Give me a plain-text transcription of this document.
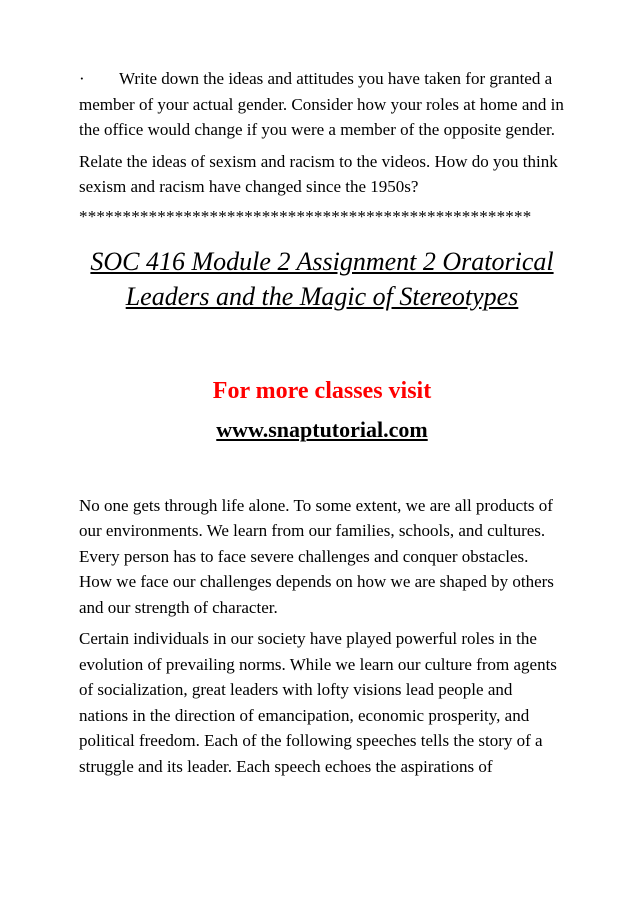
· Write down the ideas and attitudes you have taken for granted a member of your actual gender. Consider how your roles at home and in the office would change if you were a member of the opposite gender.

Relate the ideas of sexism and racism to the videos. How do you think sexism and racism have changed since the 1950s?

****************************************************
SOC 416 Module 2 Assignment 2 Oratorical
Leaders and the Magic of Stereotypes

For more classes visit

www.snaptutorial.com

No one gets through life alone. To some extent, we are all products of our environments. We learn from our families, schools, and cultures. Every person has to face severe challenges and conquer obstacles. How we face our challenges depends on how we are shaped by others and our strength of character.

Certain individuals in our society have played powerful roles in the evolution of prevailing norms. While we learn our culture from agents of socialization, great leaders with lofty visions lead people and nations in the direction of emancipation, economic prosperity, and political freedom. Each of the following speeches tells the story of a struggle and its leader. Each speech echoes the aspirations of
